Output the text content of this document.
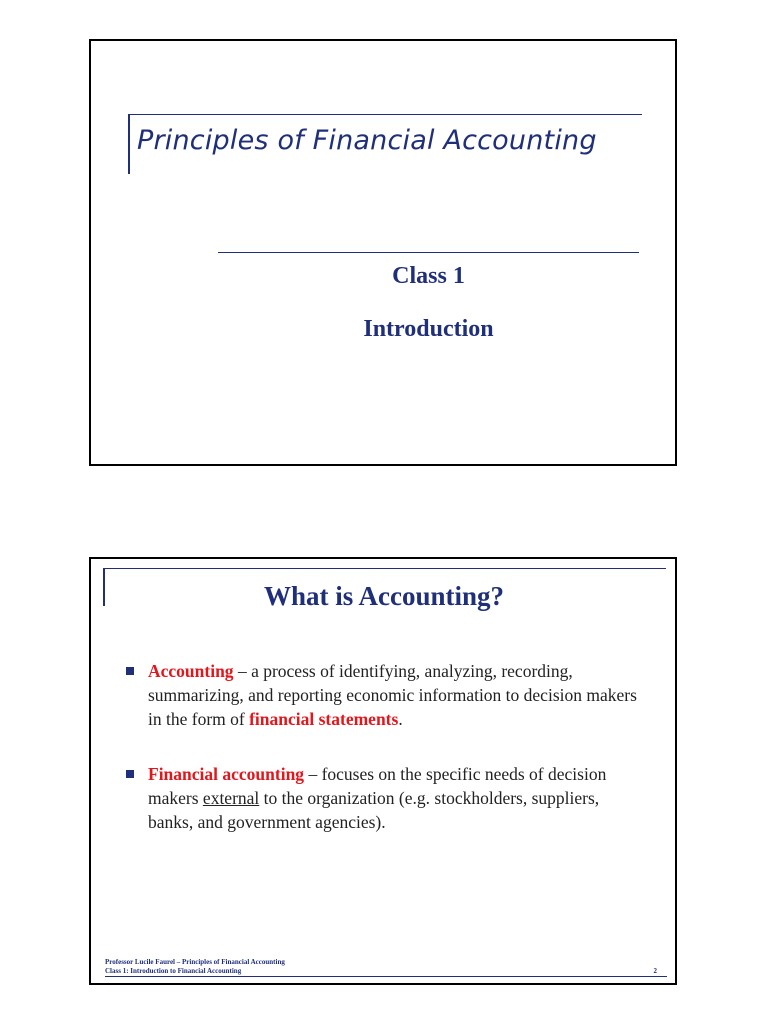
Principles of Financial Accounting
Class 1
Introduction
What is Accounting?
Accounting – a process of identifying, analyzing, recording, summarizing, and reporting economic information to decision makers in the form of financial statements.
Financial accounting – focuses on the specific needs of decision makers external to the organization (e.g. stockholders, suppliers, banks, and government agencies).
Professor Lucile Faurel – Principles of Financial Accounting
Class 1: Introduction to Financial Accounting	2
